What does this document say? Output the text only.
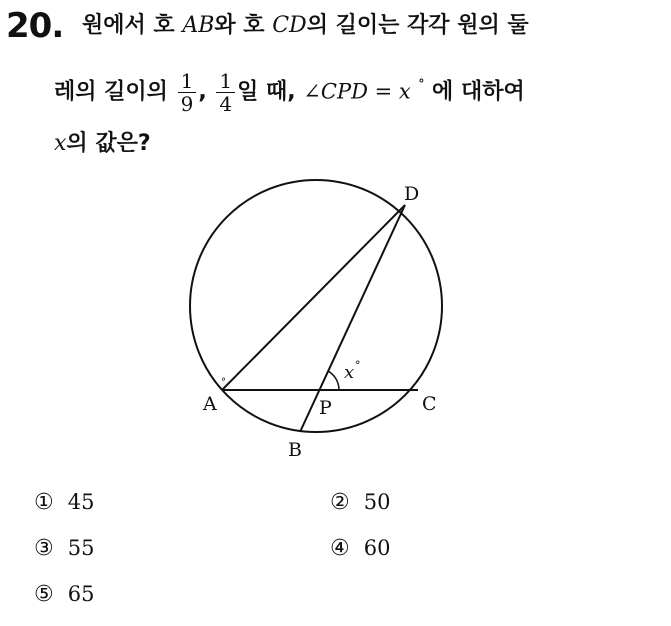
20. 원에서 호 AB와 호 CD의 길이는 각각 원의 둘
레의 길이의 $\frac{1}{9}$ , $\frac{1}{4}$ 일 때, ∠CPD = x ° 에 대하여
x의 값은?
D
A	P	C
B
x °
°
① 45	② 50
③ 55	④ 60
⑤ 65
